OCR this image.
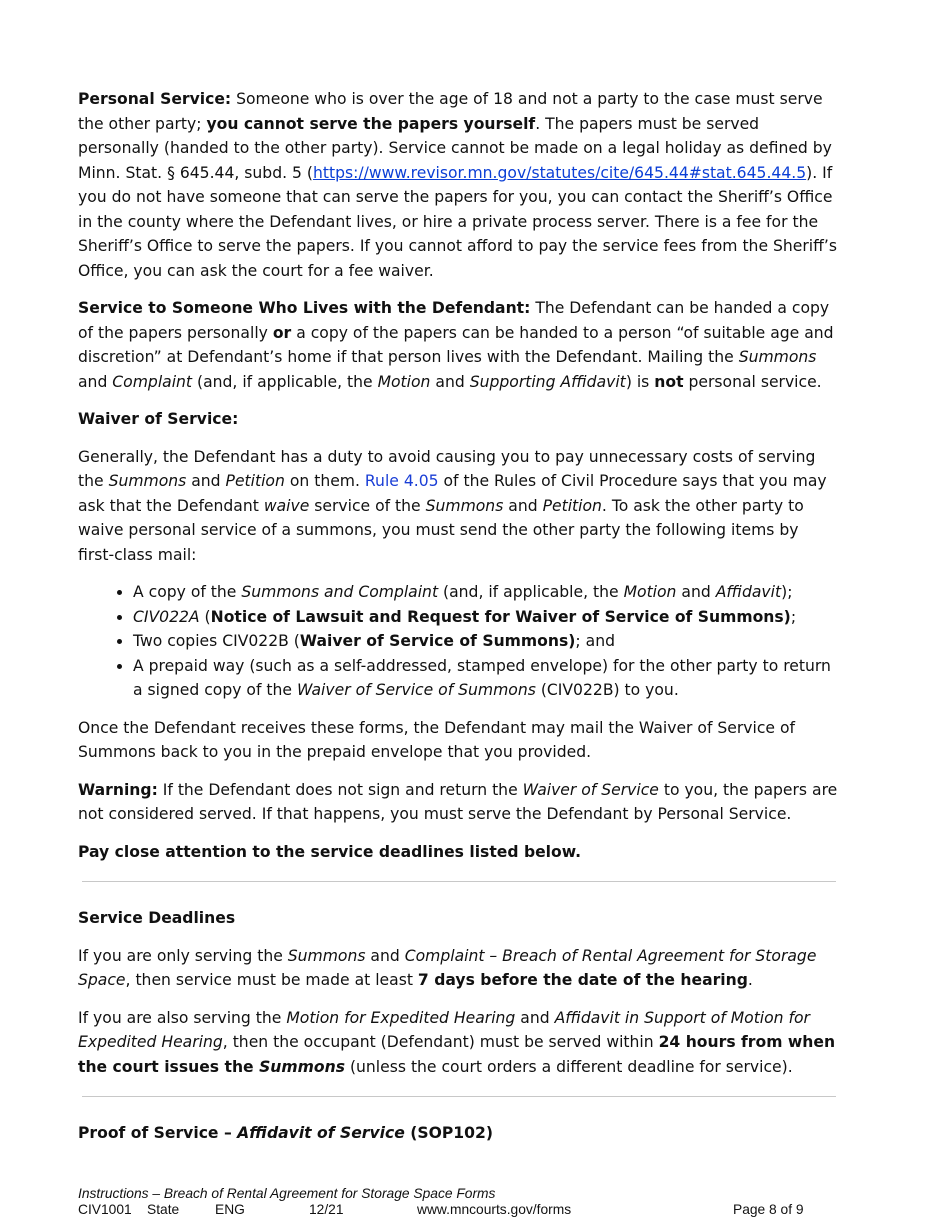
Personal Service: Someone who is over the age of 18 and not a party to the case must serve the other party; you cannot serve the papers yourself. The papers must be served personally (handed to the other party). Service cannot be made on a legal holiday as defined by Minn. Stat. § 645.44, subd. 5 (https://www.revisor.mn.gov/statutes/cite/645.44#stat.645.44.5). If you do not have someone that can serve the papers for you, you can contact the Sheriff’s Office in the county where the Defendant lives, or hire a private process server. There is a fee for the Sheriff’s Office to serve the papers. If you cannot afford to pay the service fees from the Sheriff’s Office, you can ask the court for a fee waiver.

Service to Someone Who Lives with the Defendant: The Defendant can be handed a copy of the papers personally or a copy of the papers can be handed to a person “of suitable age and discretion” at Defendant’s home if that person lives with the Defendant. Mailing the Summons and Complaint (and, if applicable, the Motion and Supporting Affidavit) is not personal service.

Waiver of Service:

Generally, the Defendant has a duty to avoid causing you to pay unnecessary costs of serving the Summons and Petition on them. Rule 4.05 of the Rules of Civil Procedure says that you may ask that the Defendant waive service of the Summons and Petition. To ask the other party to waive personal service of a summons, you must send the other party the following items by first-class mail:

• A copy of the Summons and Complaint (and, if applicable, the Motion and Affidavit);
• CIV022A (Notice of Lawsuit and Request for Waiver of Service of Summons);
• Two copies CIV022B (Waiver of Service of Summons); and
• A prepaid way (such as a self-addressed, stamped envelope) for the other party to return a signed copy of the Waiver of Service of Summons (CIV022B) to you.

Once the Defendant receives these forms, the Defendant may mail the Waiver of Service of Summons back to you in the prepaid envelope that you provided.

Warning: If the Defendant does not sign and return the Waiver of Service to you, the papers are not considered served. If that happens, you must serve the Defendant by Personal Service.

Pay close attention to the service deadlines listed below.

Service Deadlines

If you are only serving the Summons and Complaint – Breach of Rental Agreement for Storage Space, then service must be made at least 7 days before the date of the hearing.

If you are also serving the Motion for Expedited Hearing and Affidavit in Support of Motion for Expedited Hearing, then the occupant (Defendant) must be served within 24 hours from when the court issues the Summons (unless the court orders a different deadline for service).

Proof of Service – Affidavit of Service (SOP102)

Instructions – Breach of Rental Agreement for Storage Space Forms
CIV1001 State	ENG	12/21	www.mncourts.gov/forms	Page 8 of 9
